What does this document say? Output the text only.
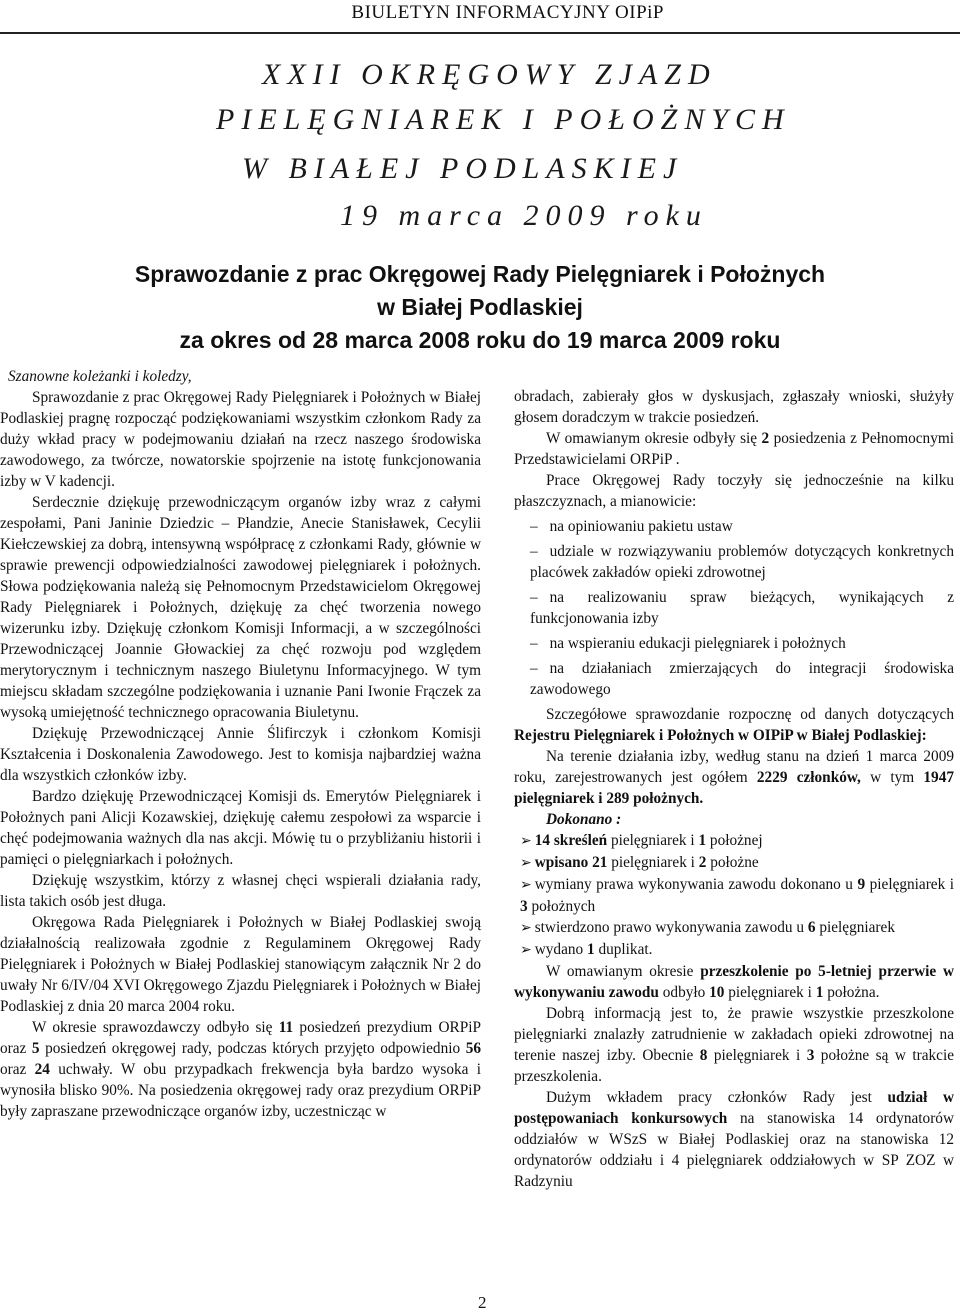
BIULETYN INFORMACYJNY OIPiP
XXII OKRĘGOWY ZJAZD
PIELĘGNIAREK I POŁOŻNYCH
W BIAŁEJ PODLASKIEJ
19 marca 2009 roku
Sprawozdanie z prac Okręgowej Rady Pielęgniarek i Położnych
w Białej Podlaskiej
za okres od 28 marca 2008 roku do 19 marca 2009 roku

Szanowne koleżanki i koledzy,

Sprawozdanie z prac Okręgowej Rady Pielęgniarek i Położnych w Białej Podlaskiej pragnę rozpocząć podziękowaniami wszystkim członkom Rady za duży wkład pracy w podejmowaniu działań na rzecz naszego środowiska zawodowego, za twórcze, nowatorskie spojrzenie na istotę funkcjonowania izby w V kadencji.

Serdecznie dziękuję przewodniczącym organów izby wraz z całymi zespołami, Pani Janinie Dziedzic – Płandzie, Anecie Stanisławek, Cecylii Kiełczewskiej za dobrą, intensywną współpracę z członkami Rady, głównie w sprawie prewencji odpowiedzialności zawodowej pielęgniarek i położnych. Słowa podziękowania należą się Pełnomocnym Przedstawicielom Okręgowej Rady Pielęgniarek i Położnych, dziękuję za chęć tworzenia nowego wizerunku izby. Dziękuję członkom Komisji Informacji, a w szczególności Przewodniczącej Joannie Głowackiej za chęć rozwoju pod względem merytorycznym i technicznym naszego Biuletynu Informacyjnego. W tym miejscu składam szczególne podziękowania i uznanie Pani Iwonie Frączek za wysoką umiejętność technicznego opracowania Biuletynu.

Dziękuję Przewodniczącej Annie Ślifirczyk i członkom Komisji Kształcenia i Doskonalenia Zawodowego. Jest to komisja najbardziej ważna dla wszystkich członków izby.

Bardzo dziękuję Przewodniczącej Komisji ds. Emerytów Pielęgniarek i Położnych pani Alicji Kozawskiej, dziękuję całemu zespołowi za wsparcie i chęć podejmowania ważnych dla nas akcji. Mówię tu o przybliżaniu historii i pamięci o pielęgniarkach i położnych.

Dziękuję wszystkim, którzy z własnej chęci wspierali działania rady, lista takich osób jest długa.

Okręgowa Rada Pielęgniarek i Położnych w Białej Podlaskiej swoją działalnością realizowała zgodnie z Regulaminem Okręgowej Rady Pielęgniarek i Położnych w Białej Podlaskiej stanowiącym załącznik Nr 2 do uwały Nr 6/IV/04 XVI Okręgowego Zjazdu Pielęgniarek i Położnych w Białej Podlaskiej z dnia 20 marca 2004 roku.

W okresie sprawozdawczy odbyło się 11 posiedzeń prezydium ORPiP oraz 5 posiedzeń okręgowej rady, podczas których przyjęto odpowiednio 56 oraz 24 uchwały. W obu przypadkach frekwencja była bardzo wysoka i wynosiła blisko 90%. Na posiedzenia okręgowej rady oraz prezydium ORPiP były zapraszane przewodniczące organów izby, uczestnicząc w

obradach, zabierały głos w dyskusjach, zgłaszały wnioski, służyły głosem doradczym w trakcie posiedzeń.

W omawianym okresie odbyły się 2 posiedzenia z Pełnomocnymi Przedstawicielami ORPiP .

Prace Okręgowej Rady toczyły się jednocześnie na kilku płaszczyznach, a mianowicie:

– na opiniowaniu pakietu ustaw

– udziale w rozwiązywaniu problemów dotyczących konkretnych placówek zakładów opieki zdrowotnej

– na realizowaniu spraw bieżących, wynikających z funkcjonowania izby

– na wspieraniu edukacji pielęgniarek i położnych

– na działaniach zmierzających do integracji środowiska zawodowego

Szczegółowe sprawozdanie rozpocznę od danych dotyczących Rejestru Pielęgniarek i Położnych w OIPiP w Białej Podlaskiej:

Na terenie działania izby, według stanu na dzień 1 marca 2009 roku, zarejestrowanych jest ogółem 2229 członków, w tym 1947 pielęgniarek i 289 położnych.

Dokonano :

➢ 14 skreśleń pielęgniarek i 1 położnej

➢ wpisano 21 pielęgniarek i 2 położne

➢ wymiany prawa wykonywania zawodu dokonano u 9 pielęgniarek i 3 położnych

➢ stwierdzono prawo wykonywania zawodu u 6 pielęgniarek

➢ wydano 1 duplikat.

W omawianym okresie przeszkolenie po 5-letniej przerwie w wykonywaniu zawodu odbyło 10 pielęgniarek i 1 położna.

Dobrą informacją jest to, że prawie wszystkie przeszkolone pielęgniarki znalazły zatrudnienie w zakładach opieki zdrowotnej na terenie naszej izby. Obecnie 8 pielęgniarek i 3 położne są w trakcie przeszkolenia.

Dużym wkładem pracy członków Rady jest udział w postępowaniach konkursowych na stanowiska 14 ordynatorów oddziałów w WSzS w Białej Podlaskiej oraz na stanowiska 12 ordynatorów oddziału i 4 pielęgniarek oddziałowych w SP ZOZ w Radzyniu

2
